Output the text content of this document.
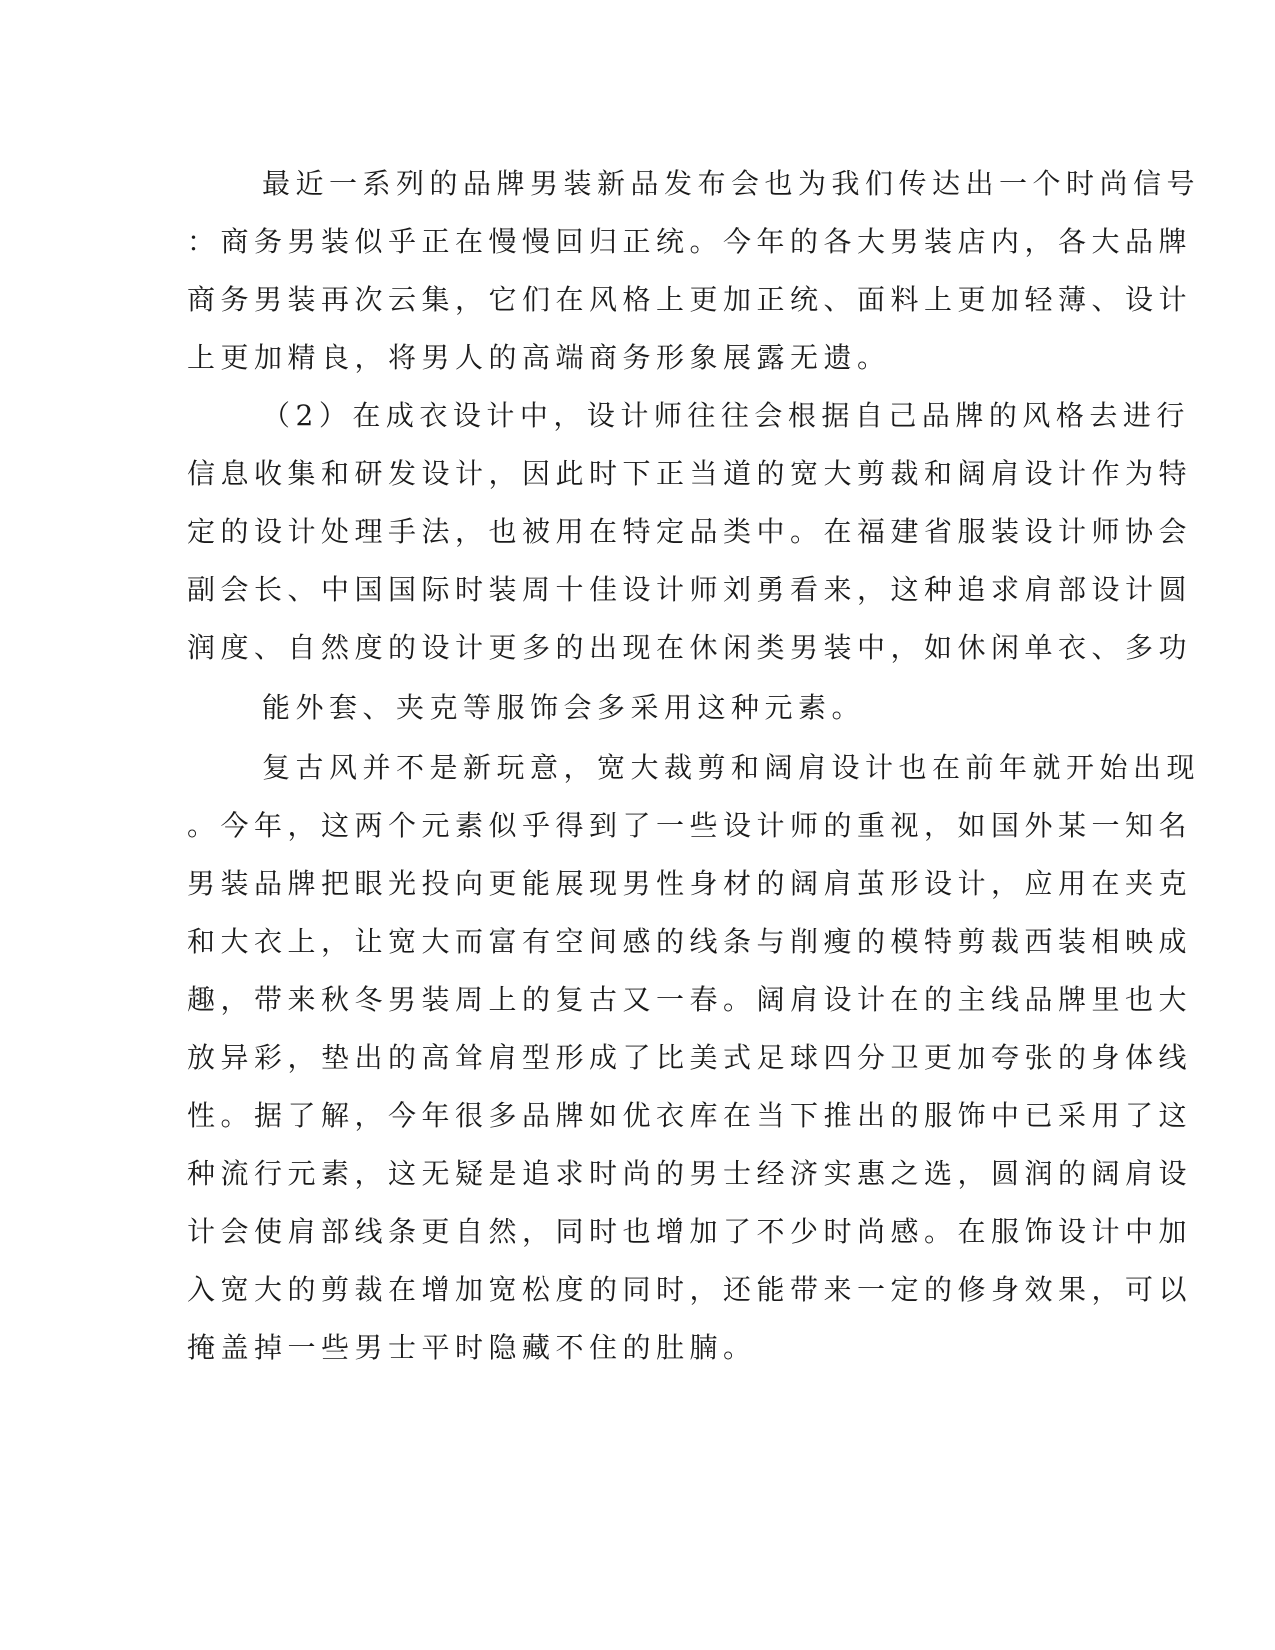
最近一系列的品牌男装新品发布会也为我们传达出一个时尚信号
：商务男装似乎正在慢慢回归正统。今年的各大男装店内，各大品牌
商务男装再次云集，它们在风格上更加正统、面料上更加轻薄、设计
上更加精良，将男人的高端商务形象展露无遗。
（2）在成衣设计中，设计师往往会根据自己品牌的风格去进行
信息收集和研发设计，因此时下正当道的宽大剪裁和阔肩设计作为特
定的设计处理手法，也被用在特定品类中。在福建省服装设计师协会
副会长、中国国际时装周十佳设计师刘勇看来，这种追求肩部设计圆
润度、自然度的设计更多的出现在休闲类男装中，如休闲单衣、多功
能外套、夹克等服饰会多采用这种元素。
复古风并不是新玩意，宽大裁剪和阔肩设计也在前年就开始出现
。今年，这两个元素似乎得到了一些设计师的重视，如国外某一知名
男装品牌把眼光投向更能展现男性身材的阔肩茧形设计，应用在夹克
和大衣上，让宽大而富有空间感的线条与削瘦的模特剪裁西装相映成
趣，带来秋冬男装周上的复古又一春。阔肩设计在的主线品牌里也大
放异彩，垫出的高耸肩型形成了比美式足球四分卫更加夸张的身体线
性。据了解，今年很多品牌如优衣库在当下推出的服饰中已采用了这
种流行元素，这无疑是追求时尚的男士经济实惠之选，圆润的阔肩设
计会使肩部线条更自然，同时也增加了不少时尚感。在服饰设计中加
入宽大的剪裁在增加宽松度的同时，还能带来一定的修身效果，可以
掩盖掉一些男士平时隐藏不住的肚腩。
